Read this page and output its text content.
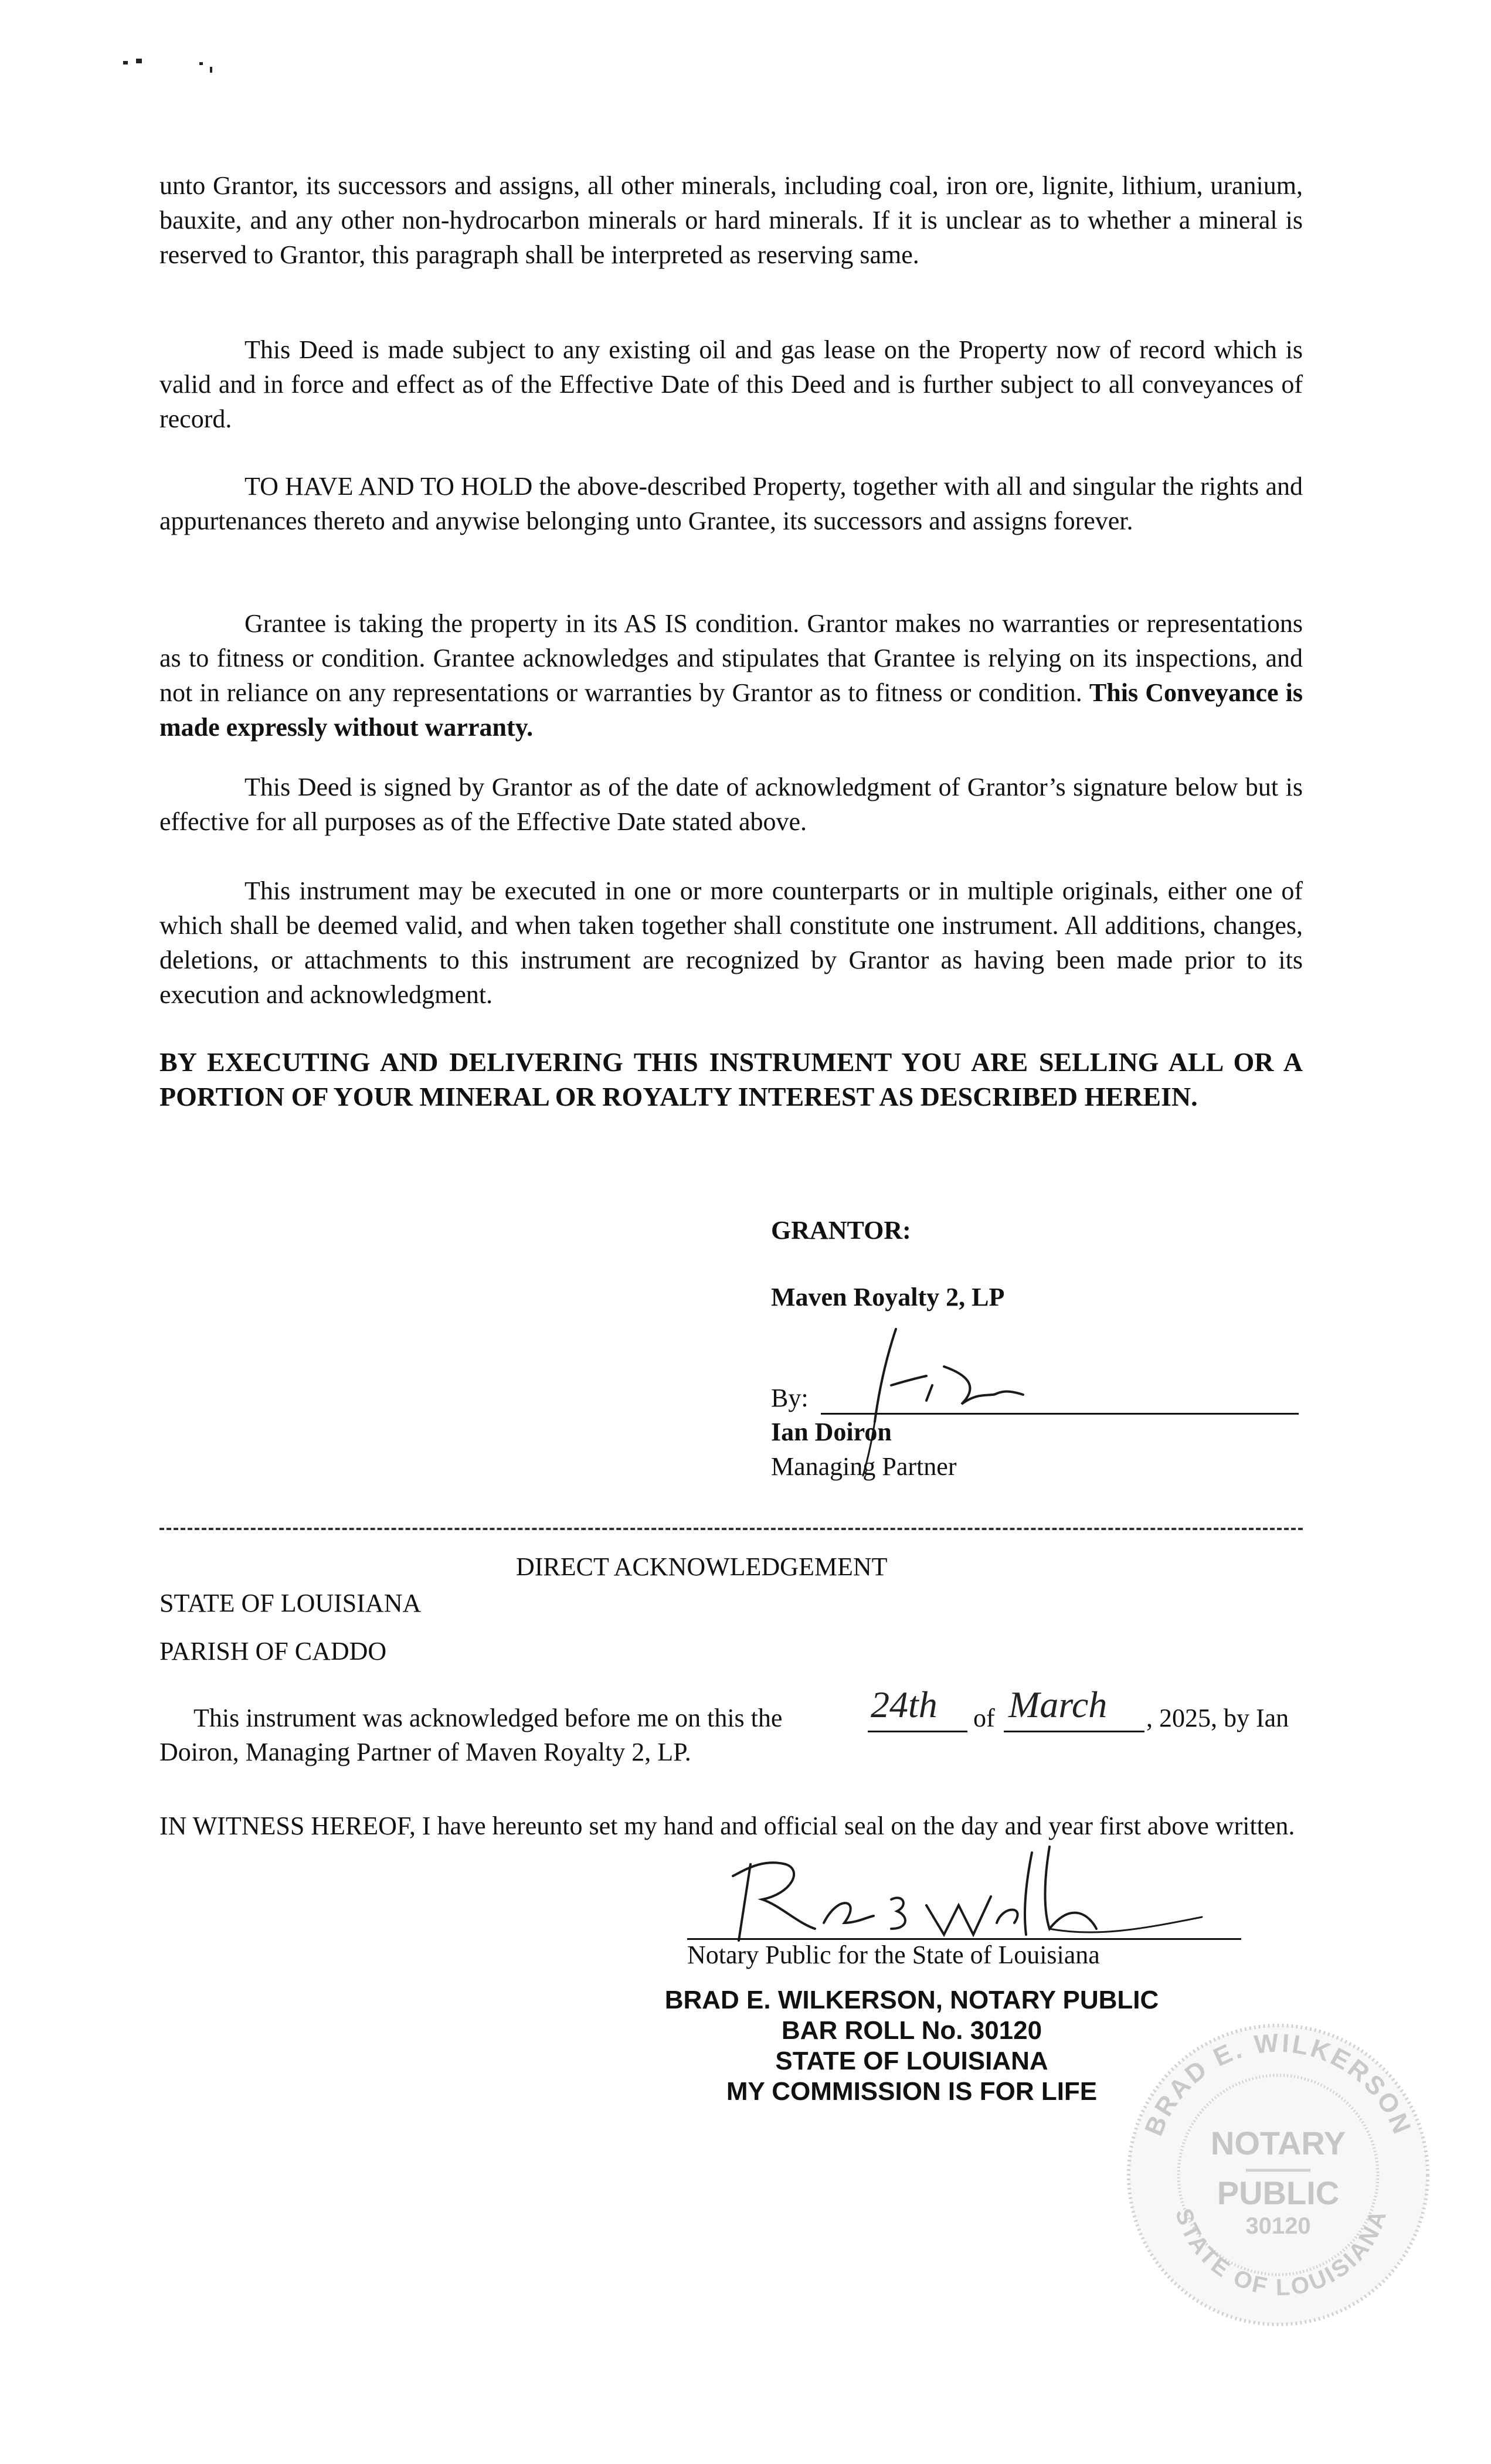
unto Grantor, its successors and assigns, all other minerals, including coal, iron ore, lignite, lithium, uranium, bauxite, and any other non-hydrocarbon minerals or hard minerals. If it is unclear as to whether a mineral is reserved to Grantor, this paragraph shall be interpreted as reserving same.

This Deed is made subject to any existing oil and gas lease on the Property now of record which is valid and in force and effect as of the Effective Date of this Deed and is further subject to all conveyances of record.

TO HAVE AND TO HOLD the above-described Property, together with all and singular the rights and appurtenances thereto and anywise belonging unto Grantee, its successors and assigns forever.

Grantee is taking the property in its AS IS condition. Grantor makes no warranties or representations as to fitness or condition. Grantee acknowledges and stipulates that Grantee is relying on its inspections, and not in reliance on any representations or warranties by Grantor as to fitness or condition. This Conveyance is made expressly without warranty.

This Deed is signed by Grantor as of the date of acknowledgment of Grantor’s signature below but is effective for all purposes as of the Effective Date stated above.

This instrument may be executed in one or more counterparts or in multiple originals, either one of which shall be deemed valid, and when taken together shall constitute one instrument. All additions, changes, deletions, or attachments to this instrument are recognized by Grantor as having been made prior to its execution and acknowledgment.

BY EXECUTING AND DELIVERING THIS INSTRUMENT YOU ARE SELLING ALL OR A PORTION OF YOUR MINERAL OR ROYALTY INTEREST AS DESCRIBED HEREIN.

GRANTOR:
Maven Royalty 2, LP
By:
Ian Doiron
Managing Partner
DIRECT ACKNOWLEDGEMENT
STATE OF LOUISIANA
PARISH OF CADDO
This instrument was acknowledged before me on this the 24th of March , 2025, by Ian
Doiron, Managing Partner of Maven Royalty 2, LP.

IN WITNESS HEREOF, I have hereunto set my hand and official seal on the day and year first above written.

Notary Public for the State of Louisiana
BRAD E. WILKERSON, NOTARY PUBLIC
BAR ROLL No. 30120
STATE OF LOUISIANA
MY COMMISSION IS FOR LIFE
BRAD E. WILKERSON
STATE OF LOUISIANA
NOTARY
PUBLIC
30120
